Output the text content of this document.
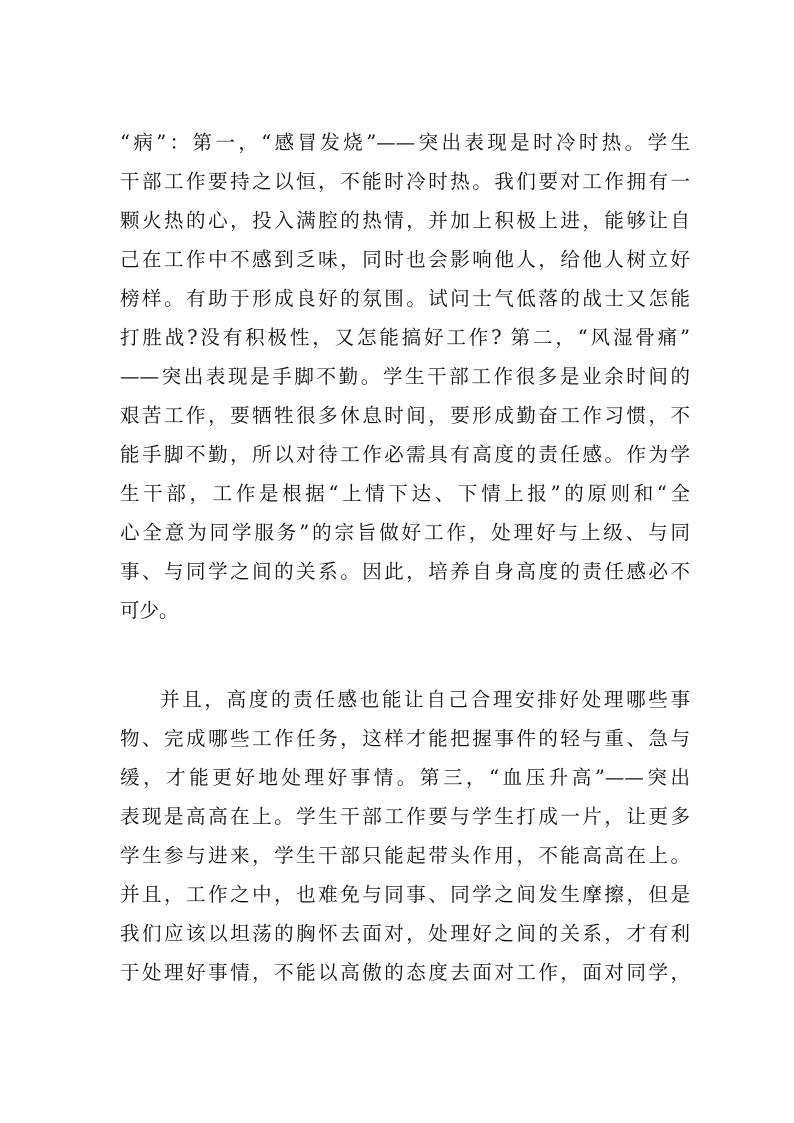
“病”：第一，“感冒发烧”——突出表现是时冷时热。学生
干部工作要持之以恒，不能时冷时热。我们要对工作拥有一
颗火热的心，投入满腔的热情，并加上积极上进，能够让自
己在工作中不感到乏味，同时也会影响他人，给他人树立好
榜样。有助于形成良好的氛围。试问士气低落的战士又怎能
打胜战?没有积极性，又怎能搞好工作? 第二，“风湿骨痛”
——突出表现是手脚不勤。学生干部工作很多是业余时间的
艰苦工作，要牺牲很多休息时间，要形成勤奋工作习惯，不
能手脚不勤，所以对待工作必需具有高度的责任感。作为学
生干部，工作是根据“上情下达、下情上报”的原则和“全
心全意为同学服务”的宗旨做好工作，处理好与上级、与同
事、与同学之间的关系。因此，培养自身高度的责任感必不
可少。
并且，高度的责任感也能让自己合理安排好处理哪些事
物、完成哪些工作任务，这样才能把握事件的轻与重、急与
缓，才能更好地处理好事情。第三，“血压升高”——突出
表现是高高在上。学生干部工作要与学生打成一片，让更多
学生参与进来，学生干部只能起带头作用，不能高高在上。
并且，工作之中，也难免与同事、同学之间发生摩擦，但是
我们应该以坦荡的胸怀去面对，处理好之间的关系，才有利
于处理好事情，不能以高傲的态度去面对工作，面对同学，
